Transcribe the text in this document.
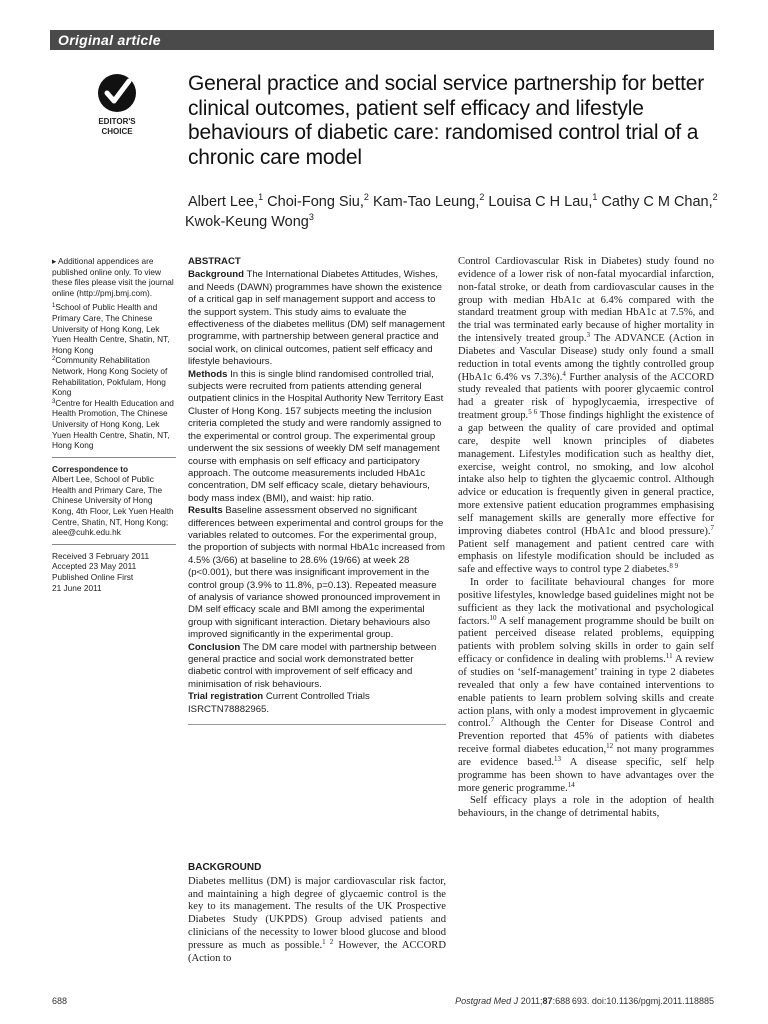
Original article
EDITOR'S
CHOICE
General practice and social service partnership for better clinical outcomes, patient self efficacy and lifestyle behaviours of diabetic care: randomised control trial of a chronic care model
Albert Lee,$^1$ Choi-Fong Siu,$^2$ Kam-Tao Leung,$^2$ Louisa C H Lau,$^1$ Cathy C M Chan,$^2$
Kwok-Keung Wong$^3$

▸ Additional appendices are published online only. To view these files please visit the journal online (http://pmj.bmj.com).

$^1$School of Public Health and Primary Care, The Chinese University of Hong Kong, Lek Yuen Health Centre, Shatin, NT, Hong Kong

$^2$Community Rehabilitation Network, Hong Kong Society of Rehabilitation, Pokfulam, Hong Kong

$^3$Centre for Health Education and Health Promotion, The Chinese University of Hong Kong, Lek Yuen Health Centre, Shatin, NT, Hong Kong

Correspondence to

Albert Lee, School of Public Health and Primary Care, The Chinese University of Hong Kong, 4th Floor, Lek Yuen Health Centre, Shatin, NT, Hong Kong; alee@cuhk.edu.hk

Received 3 February 2011

Accepted 23 May 2011

Published Online First

21 June 2011

ABSTRACT

Background The International Diabetes Attitudes, Wishes, and Needs (DAWN) programmes have shown the existence of a critical gap in self management support and access to the support system. This study aims to evaluate the effectiveness of the diabetes mellitus (DM) self management programme, with partnership between general practice and social work, on clinical outcomes, patient self efficacy and lifestyle behaviours.

Methods In this is single blind randomised controlled trial, subjects were recruited from patients attending general outpatient clinics in the Hospital Authority New Territory East Cluster of Hong Kong. 157 subjects meeting the inclusion criteria completed the study and were randomly assigned to the experimental or control group. The experimental group underwent the six sessions of weekly DM self management course with emphasis on self efficacy and participatory approach. The outcome measurements included HbA1c concentration, DM self efficacy scale, dietary behaviours, body mass index (BMI), and waist: hip ratio.

Results Baseline assessment observed no significant differences between experimental and control groups for the variables related to outcomes. For the experimental group, the proportion of subjects with normal HbA1c increased from 4.5% (3/66) at baseline to 28.6% (19/66) at week 28 (p<0.001), but there was insignificant improvement in the control group (3.9% to 11.8%, p=0.13). Repeated measure of analysis of variance showed pronounced improvement in DM self efficacy scale and BMI among the experimental group with significant interaction. Dietary behaviours also improved significantly in the experimental group.

Conclusion The DM care model with partnership between general practice and social work demonstrated better diabetic control with improvement of self efficacy and minimisation of risk behaviours.

Trial registration Current Controlled Trials ISRCTN78882965.

BACKGROUND

Diabetes mellitus (DM) is major cardiovascular risk factor, and maintaining a high degree of glycaemic control is the key to its management. The results of the UK Prospective Diabetes Study (UKPDS) Group advised patients and clinicians of the necessity to lower blood glucose and blood pressure as much as possible.$^{1 2}$ However, the ACCORD (Action to

Control Cardiovascular Risk in Diabetes) study found no evidence of a lower risk of non-fatal myocardial infarction, non-fatal stroke, or death from cardiovascular causes in the group with median HbA1c at 6.4% compared with the standard treatment group with median HbA1c at 7.5%, and the trial was terminated early because of higher mortality in the intensively treated group.$^3$ The ADVANCE (Action in Diabetes and Vascular Disease) study only found a small reduction in total events among the tightly controlled group (HbA1c 6.4% vs 7.3%).$^4$ Further analysis of the ACCORD study revealed that patients with poorer glycaemic control had a greater risk of hypoglycaemia, irrespective of treatment group.$^{5 6}$ Those findings highlight the existence of a gap between the quality of care provided and optimal care, despite well known principles of diabetes management. Lifestyles modification such as healthy diet, exercise, weight control, no smoking, and low alcohol intake also help to tighten the glycaemic control. Although advice or education is frequently given in general practice, more extensive patient education programmes emphasising self management skills are generally more effective for improving diabetes control (HbA1c and blood pressure).$^7$ Patient self management and patient centred care with emphasis on lifestyle modification should be included as safe and effective ways to control type 2 diabetes.$^{8 9}$

In order to facilitate behavioural changes for more positive lifestyles, knowledge based guidelines might not be sufficient as they lack the motivational and psychological factors.$^{10}$ A self management programme should be built on patient perceived disease related problems, equipping patients with problem solving skills in order to gain self efficacy or confidence in dealing with problems.$^{11}$ A review of studies on ‘self-management’ training in type 2 diabetes revealed that only a few have contained interventions to enable patients to learn problem solving skills and create action plans, with only a modest improvement in glycaemic control.$^7$ Although the Center for Disease Control and Prevention reported that 45% of patients with diabetes receive formal diabetes education,$^{12}$ not many programmes are evidence based.$^{13}$ A disease specific, self help programme has been shown to have advantages over the more generic programme.$^{14}$

Self efficacy plays a role in the adoption of health behaviours, in the change of detrimental habits,

688	Postgrad Med J 2011;87:688 693. doi:10.1136/pgmj.2011.118885
